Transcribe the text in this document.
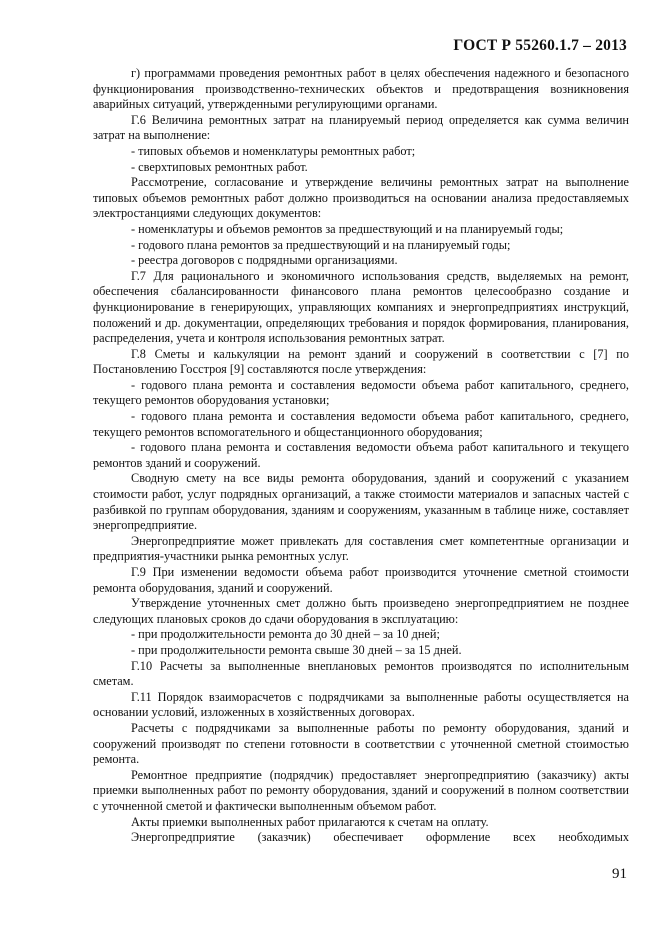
ГОСТ Р 55260.1.7 – 2013

г) программами проведения ремонтных работ в целях обеспечения надежного и безопасного функционирования производственно-технических объектов и предотвращения возникновения аварийных ситуаций, утвержденными регулирующими органами.

Г.6 Величина ремонтных затрат на планируемый период определяется как сумма величин затрат на выполнение:

- типовых объемов и номенклатуры ремонтных работ;

- сверхтиповых ремонтных работ.

Рассмотрение, согласование и утверждение величины ремонтных затрат на выполнение типовых объемов ремонтных работ должно производиться на основании анализа предоставляемых электростанциями следующих документов:

- номенклатуры и объемов ремонтов за предшествующий и на планируемый годы;

- годового плана ремонтов за предшествующий и на планируемый годы;

- реестра договоров с подрядными организациями.

Г.7 Для рационального и экономичного использования средств, выделяемых на ремонт, обеспечения сбалансированности финансового плана ремонтов целесообразно создание и функционирование в генерирующих, управляющих компаниях и энергопредприятиях инструкций, положений и др. документации, определяющих требования и порядок формирования, планирования, распределения, учета и контроля использования ремонтных затрат.

Г.8 Сметы и калькуляции на ремонт зданий и сооружений в соответствии с [7] по Постановлению Госстроя [9] составляются после утверждения:

- годового плана ремонта и составления ведомости объема работ капитального, среднего, текущего ремонтов оборудования установки;

- годового плана ремонта и составления ведомости объема работ капитального, среднего, текущего ремонтов вспомогательного и общестанционного оборудования;

- годового плана ремонта и составления ведомости объема работ капитального и текущего ремонтов зданий и сооружений.

Сводную смету на все виды ремонта оборудования, зданий и сооружений с указанием стоимости работ, услуг подрядных организаций, а также стоимости материалов и запасных частей с разбивкой по группам оборудования, зданиям и сооружениям, указанным в таблице ниже, составляет энергопредприятие.

Энергопредприятие может привлекать для составления смет компетентные организации и предприятия-участники рынка ремонтных услуг.

Г.9 При изменении ведомости объема работ производится уточнение сметной стоимости ремонта оборудования, зданий и сооружений.

Утверждение уточненных смет должно быть произведено энергопредприятием не позднее следующих плановых сроков до сдачи оборудования в эксплуатацию:

- при продолжительности ремонта до 30 дней – за 10 дней;

- при продолжительности ремонта свыше 30 дней – за 15 дней.

Г.10 Расчеты за выполненные внеплановых ремонтов производятся по исполнительным сметам.

Г.11 Порядок взаиморасчетов с подрядчиками за выполненные работы осуществляется на основании условий, изложенных в хозяйственных договорах.

Расчеты с подрядчиками за выполненные работы по ремонту оборудования, зданий и сооружений производят по степени готовности в соответствии с уточненной сметной стоимостью ремонта.

Ремонтное предприятие (подрядчик) предоставляет энергопредприятию (заказчику) акты приемки выполненных работ по ремонту оборудования, зданий и сооружений в полном соответствии с уточненной сметой и фактически выполненным объемом работ.

Акты приемки выполненных работ прилагаются к счетам на оплату.

Энергопредприятие (заказчик) обеспечивает оформление всех необходимых

91
